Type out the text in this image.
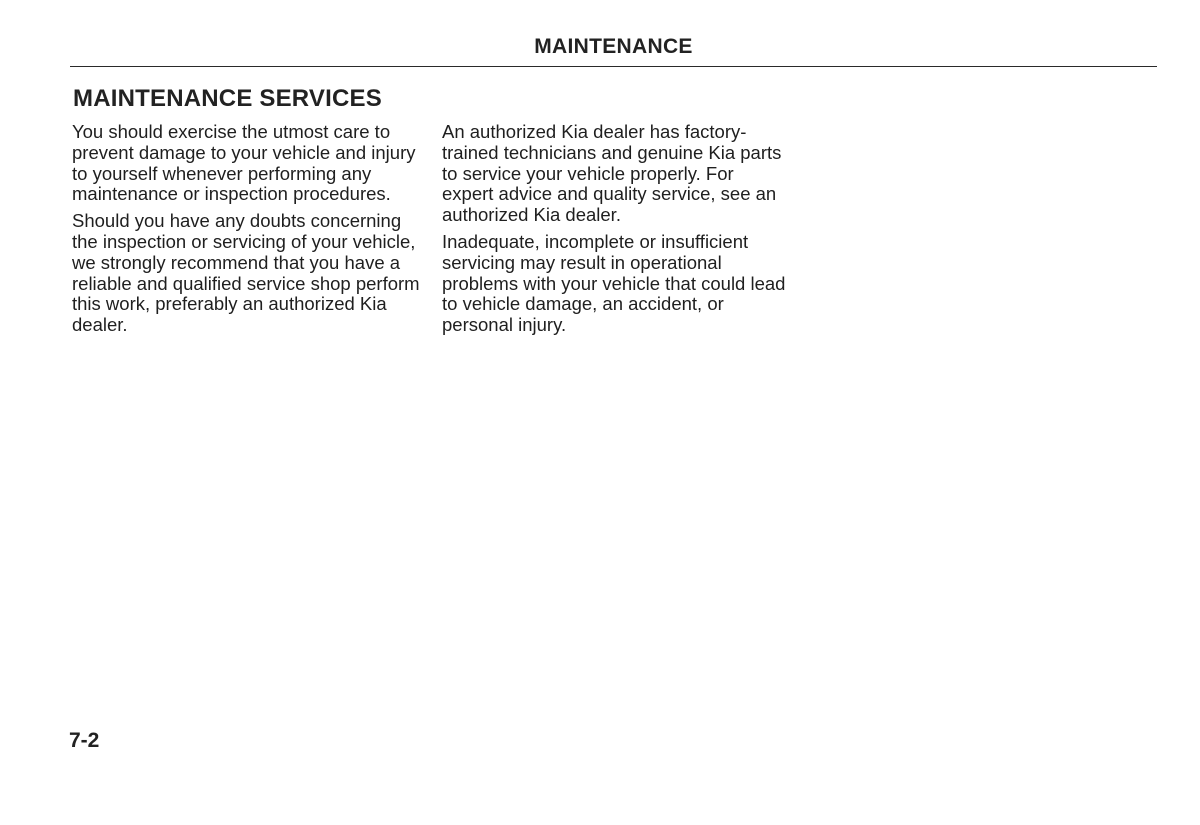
MAINTENANCE
MAINTENANCE SERVICES

You should exercise the utmost care to prevent damage to your vehicle and injury to yourself whenever performing any maintenance or inspection procedures.

Should you have any doubts concerning the inspection or servicing of your vehicle, we strongly recommend that you have a reliable and qualified service shop perform this work, preferably an authorized Kia dealer.

An authorized Kia dealer has factory-trained technicians and genuine Kia parts to service your vehicle properly. For expert advice and quality service, see an authorized Kia dealer.

Inadequate, incomplete or insufficient servicing may result in operational problems with your vehicle that could lead to vehicle damage, an accident, or personal injury.

7-2
